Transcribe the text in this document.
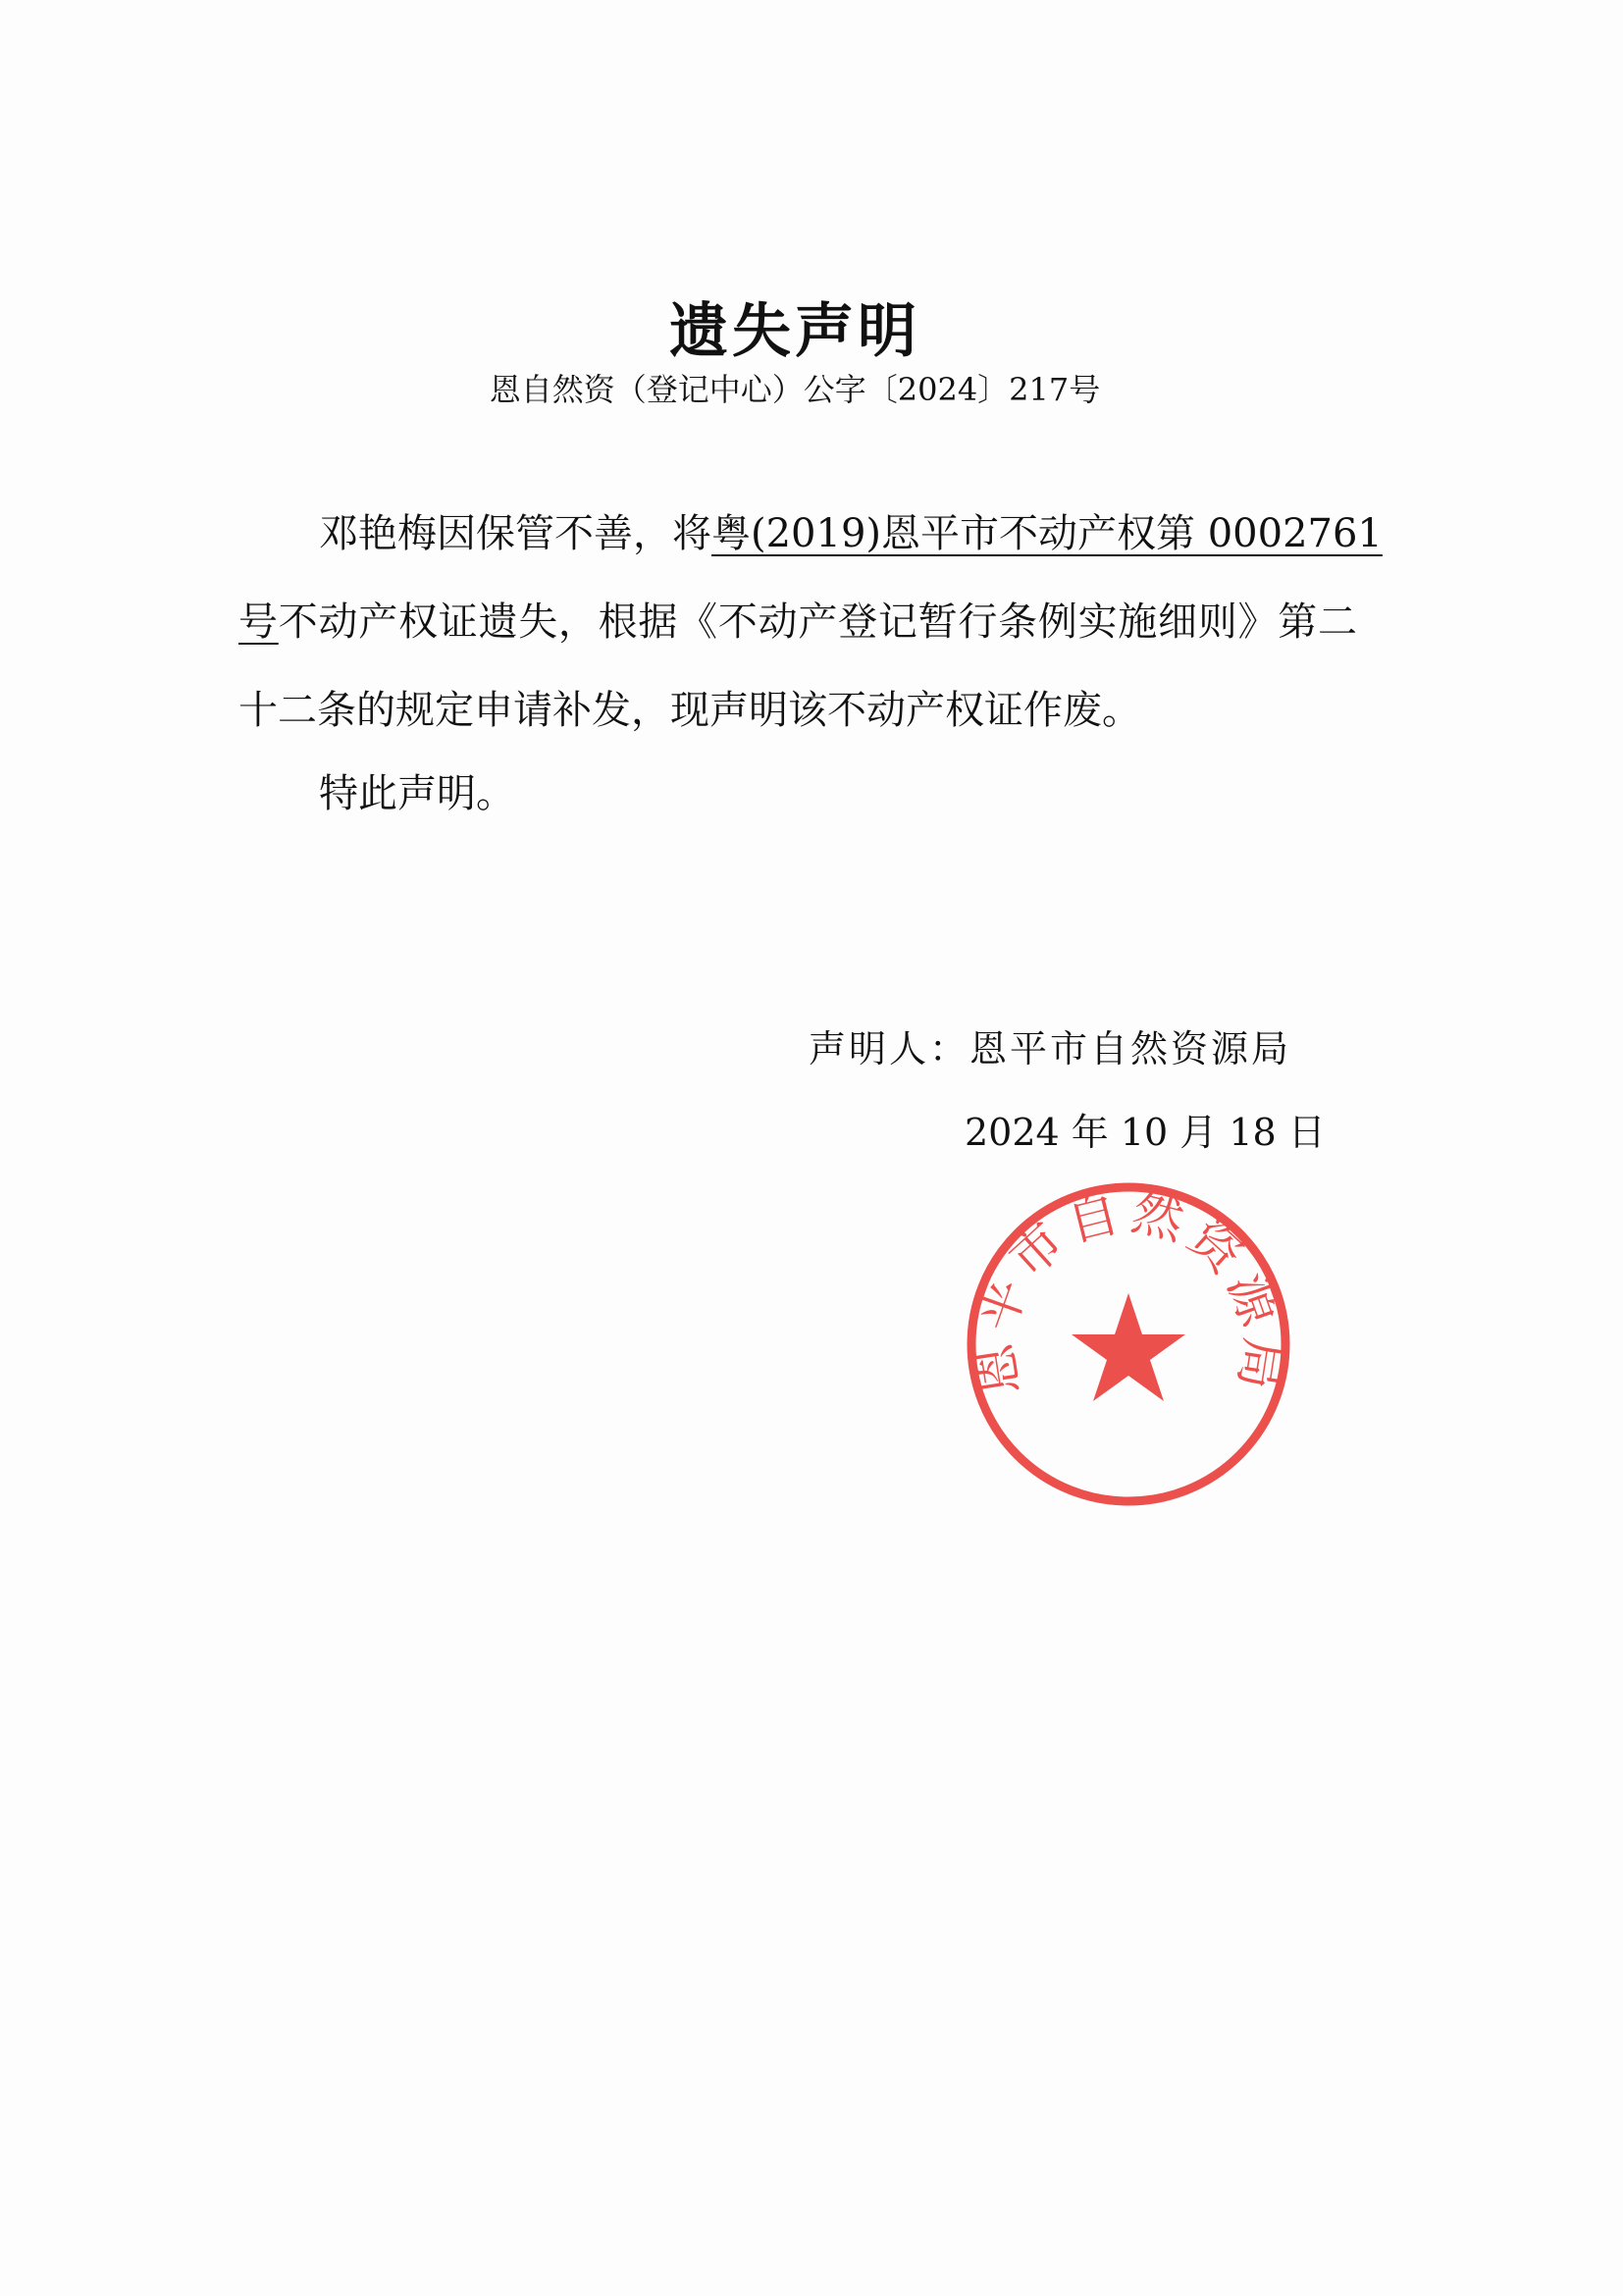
遗失声明
恩自然资（登记中心）公字〔2024〕217号
邓艳梅因保管不善，将粤(2019)恩平市不动产权第 0002761
号不动产权证遗失，根据《不动产登记暂行条例实施细则》第二
十二条的规定申请补发，现声明该不动产权证作废。
特此声明。
声明人：恩平市自然资源局
2024 年 10 月 18 日
恩平市自然资源局
